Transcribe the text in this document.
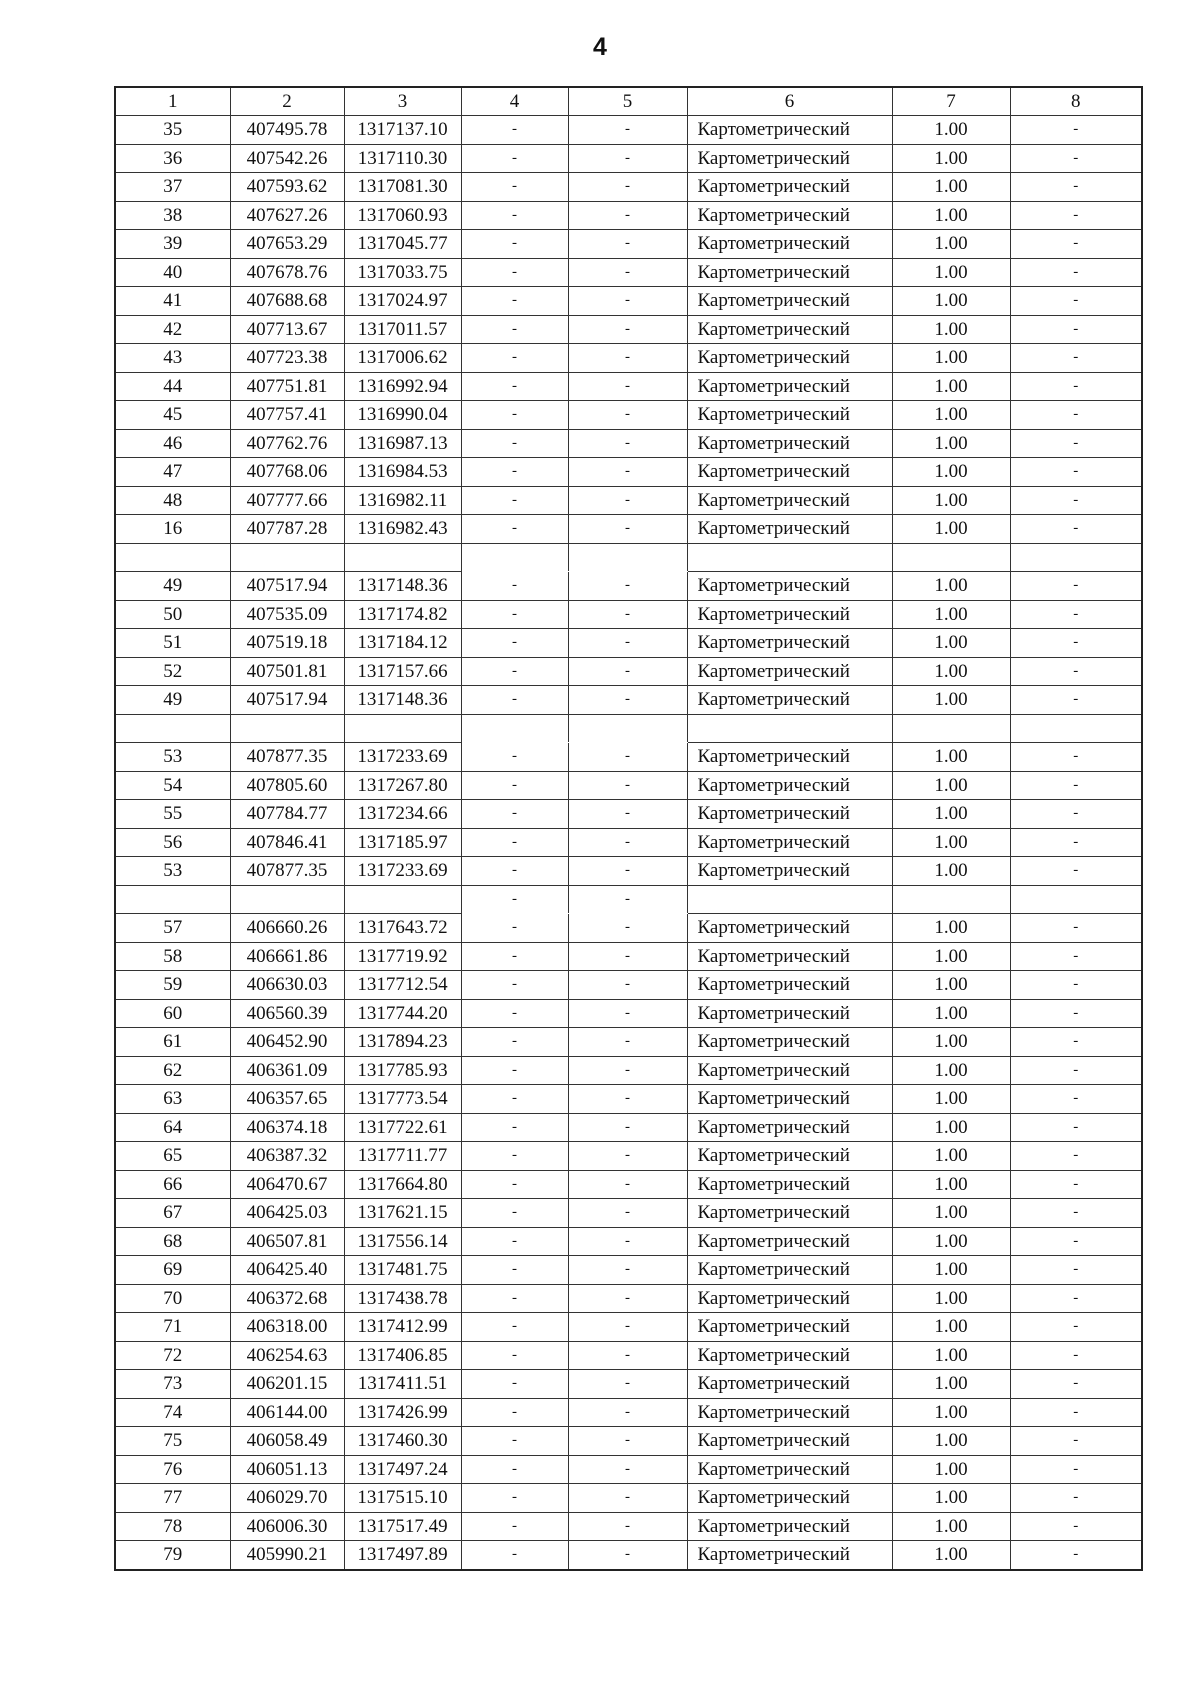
4
1	2	3	4	5	6	7	8
35	407495.78	1317137.10	-	-	Картометрический	1.00	-
36	407542.26	1317110.30	-	-	Картометрический	1.00	-
37	407593.62	1317081.30	-	-	Картометрический	1.00	-
38	407627.26	1317060.93	-	-	Картометрический	1.00	-
39	407653.29	1317045.77	-	-	Картометрический	1.00	-
40	407678.76	1317033.75	-	-	Картометрический	1.00	-
41	407688.68	1317024.97	-	-	Картометрический	1.00	-
42	407713.67	1317011.57	-	-	Картометрический	1.00	-
43	407723.38	1317006.62	-	-	Картометрический	1.00	-
44	407751.81	1316992.94	-	-	Картометрический	1.00	-
45	407757.41	1316990.04	-	-	Картометрический	1.00	-
46	407762.76	1316987.13	-	-	Картометрический	1.00	-
47	407768.06	1316984.53	-	-	Картометрический	1.00	-
48	407777.66	1316982.11	-	-	Картометрический	1.00	-
16	407787.28	1316982.43	-	-	Картометрический	1.00	-

49	407517.94	1317148.36	-	-	Картометрический	1.00	-
50	407535.09	1317174.82	-	-	Картометрический	1.00	-
51	407519.18	1317184.12	-	-	Картометрический	1.00	-
52	407501.81	1317157.66	-	-	Картометрический	1.00	-
49	407517.94	1317148.36	-	-	Картометрический	1.00	-

53	407877.35	1317233.69	-	-	Картометрический	1.00	-
54	407805.60	1317267.80	-	-	Картометрический	1.00	-
55	407784.77	1317234.66	-	-	Картометрический	1.00	-
56	407846.41	1317185.97	-	-	Картометрический	1.00	-
53	407877.35	1317233.69	-	-	Картометрический	1.00	-
			-	-			
57	406660.26	1317643.72	-	-	Картометрический	1.00	-
58	406661.86	1317719.92	-	-	Картометрический	1.00	-
59	406630.03	1317712.54	-	-	Картометрический	1.00	-
60	406560.39	1317744.20	-	-	Картометрический	1.00	-
61	406452.90	1317894.23	-	-	Картометрический	1.00	-
62	406361.09	1317785.93	-	-	Картометрический	1.00	-
63	406357.65	1317773.54	-	-	Картометрический	1.00	-
64	406374.18	1317722.61	-	-	Картометрический	1.00	-
65	406387.32	1317711.77	-	-	Картометрический	1.00	-
66	406470.67	1317664.80	-	-	Картометрический	1.00	-
67	406425.03	1317621.15	-	-	Картометрический	1.00	-
68	406507.81	1317556.14	-	-	Картометрический	1.00	-
69	406425.40	1317481.75	-	-	Картометрический	1.00	-
70	406372.68	1317438.78	-	-	Картометрический	1.00	-
71	406318.00	1317412.99	-	-	Картометрический	1.00	-
72	406254.63	1317406.85	-	-	Картометрический	1.00	-
73	406201.15	1317411.51	-	-	Картометрический	1.00	-
74	406144.00	1317426.99	-	-	Картометрический	1.00	-
75	406058.49	1317460.30	-	-	Картометрический	1.00	-
76	406051.13	1317497.24	-	-	Картометрический	1.00	-
77	406029.70	1317515.10	-	-	Картометрический	1.00	-
78	406006.30	1317517.49	-	-	Картометрический	1.00	-
79	405990.21	1317497.89	-	-	Картометрический	1.00	-
